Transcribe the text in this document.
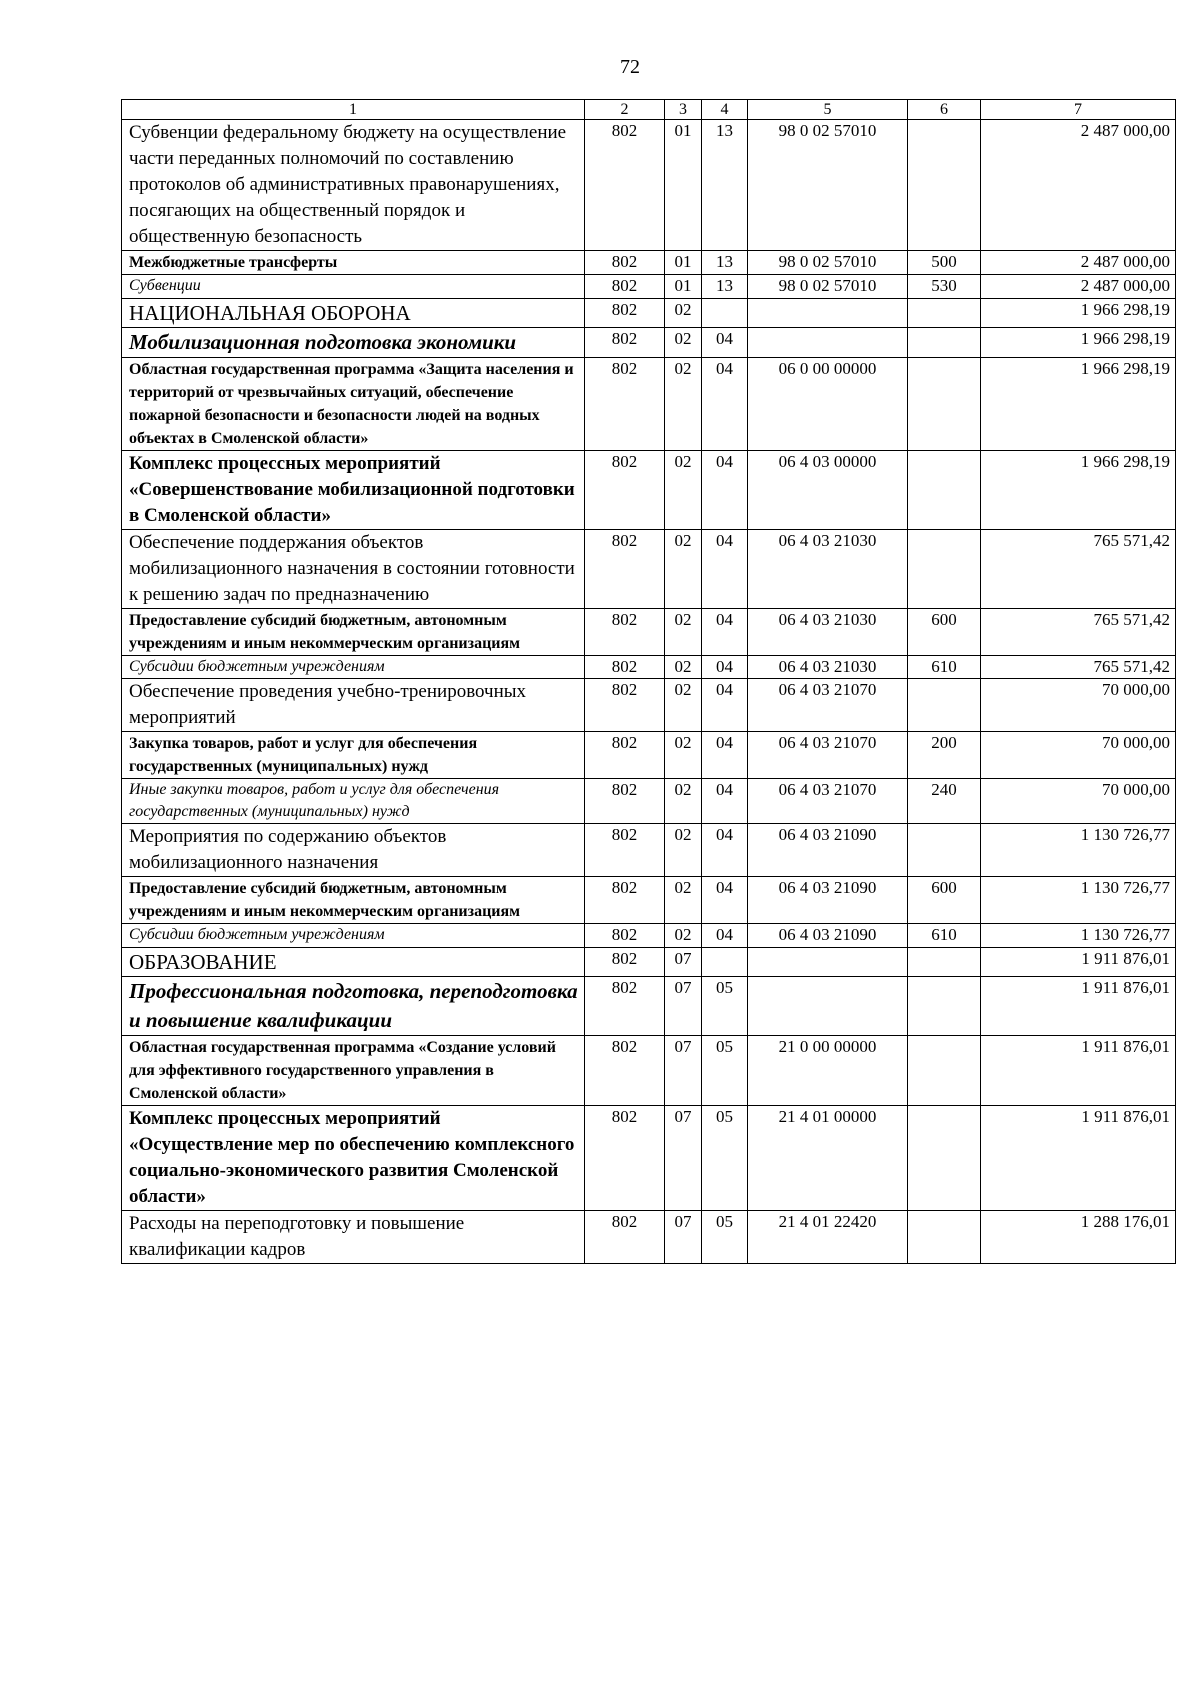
72
1	2	3	4	5	6	7
Субвенции федеральному бюджету на осуществление части переданных полномочий по составлению протоколов об административных правонарушениях, посягающих на общественный порядок и общественную безопасность	802	01	13	98 0 02 57010		2 487 000,00
Межбюджетные трансферты	802	01	13	98 0 02 57010	500	2 487 000,00
Субвенции	802	01	13	98 0 02 57010	530	2 487 000,00
НАЦИОНАЛЬНАЯ ОБОРОНА	802	02				1 966 298,19
Мобилизационная подготовка экономики	802	02	04			1 966 298,19
Областная государственная программа «Защита населения и территорий от чрезвычайных ситуаций, обеспечение пожарной безопасности и безопасности людей на водных объектах в Смоленской области»	802	02	04	06 0 00 00000		1 966 298,19
Комплекс процессных мероприятий «Совершенствование мобилизационной подготовки в Смоленской области»	802	02	04	06 4 03 00000		1 966 298,19
Обеспечение поддержания объектов мобилизационного назначения в состоянии готовности к решению задач по предназначению	802	02	04	06 4 03 21030		765 571,42
Предоставление субсидий бюджетным, автономным учреждениям и иным некоммерческим организациям	802	02	04	06 4 03 21030	600	765 571,42
Субсидии бюджетным учреждениям	802	02	04	06 4 03 21030	610	765 571,42
Обеспечение проведения учебно-тренировочных мероприятий	802	02	04	06 4 03 21070		70 000,00
Закупка товаров, работ и услуг для обеспечения государственных (муниципальных) нужд	802	02	04	06 4 03 21070	200	70 000,00
Иные закупки товаров, работ и услуг для обеспечения государственных (муниципальных) нужд	802	02	04	06 4 03 21070	240	70 000,00
Мероприятия по содержанию объектов мобилизационного назначения	802	02	04	06 4 03 21090		1 130 726,77
Предоставление субсидий бюджетным, автономным учреждениям и иным некоммерческим организациям	802	02	04	06 4 03 21090	600	1 130 726,77
Субсидии бюджетным учреждениям	802	02	04	06 4 03 21090	610	1 130 726,77
ОБРАЗОВАНИЕ	802	07				1 911 876,01
Профессиональная подготовка, переподготовка и повышение квалификации	802	07	05			1 911 876,01
Областная государственная программа «Создание условий для эффективного государственного управления в Смоленской области»	802	07	05	21 0 00 00000		1 911 876,01
Комплекс процессных мероприятий «Осуществление мер по обеспечению комплексного социально-экономического развития Смоленской области»	802	07	05	21 4 01 00000		1 911 876,01
Расходы на переподготовку и повышение квалификации кадров	802	07	05	21 4 01 22420		1 288 176,01
